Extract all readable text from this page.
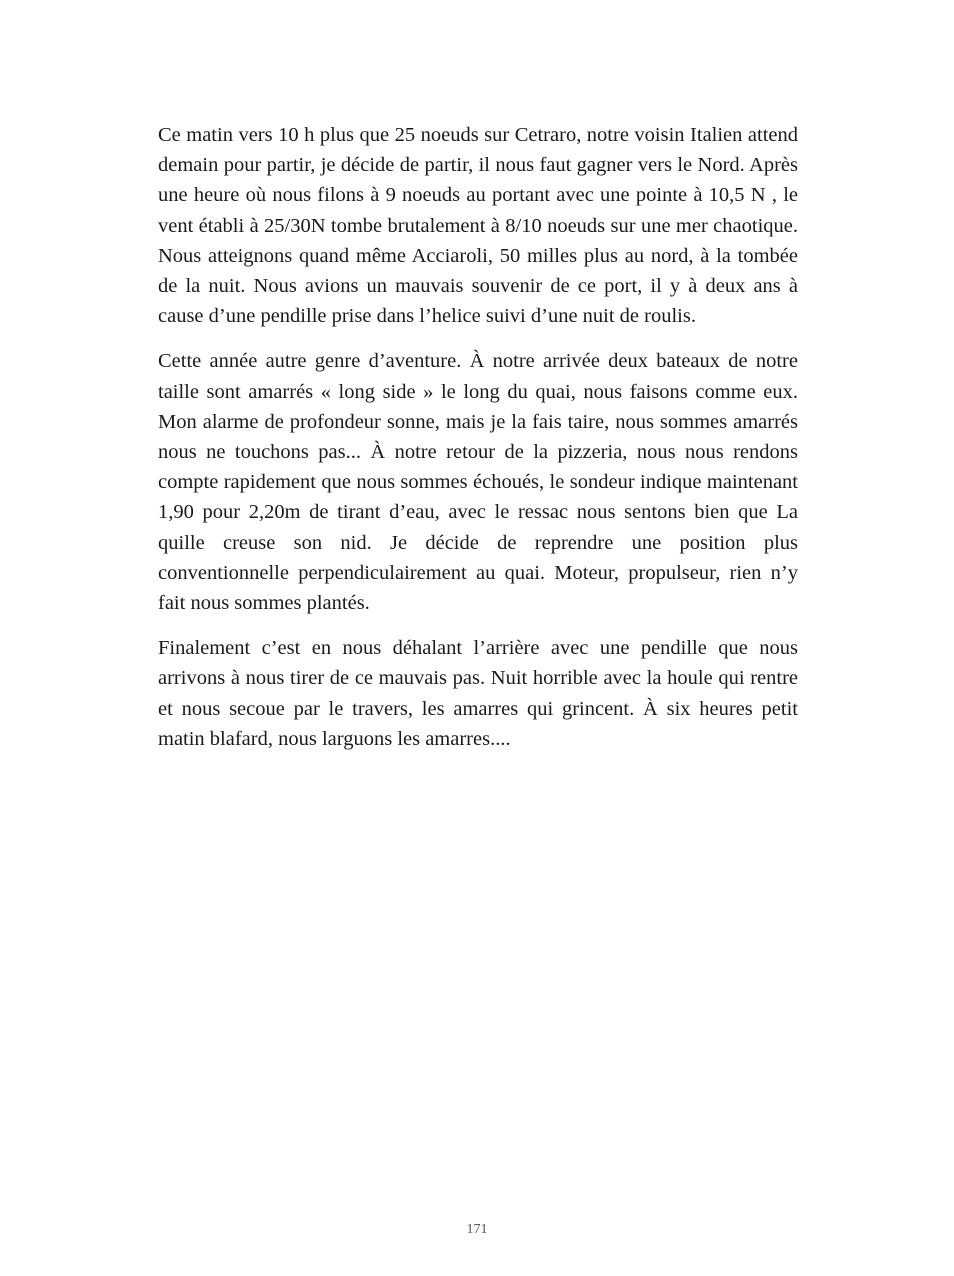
Ce matin vers 10 h plus que 25 noeuds sur Cetraro, notre voisin Italien attend demain pour partir, je décide de partir, il nous faut gagner vers le Nord. Après une heure où nous filons à 9 noeuds au portant avec une pointe à 10,5 N , le vent établi à 25/30N tombe brutalement à 8/10 noeuds sur une mer chaotique. Nous atteignons quand même Acciaroli, 50 milles plus au nord, à la tombée de la nuit. Nous avions un mauvais souvenir de ce port, il y à deux ans à cause d’une pendille prise dans l’helice suivi d’une nuit de roulis.

Cette année autre genre d’aventure. À notre arrivée deux bateaux de notre taille sont amarrés « long side » le long du quai, nous faisons comme eux. Mon alarme de profondeur sonne, mais je la fais taire, nous sommes amarrés nous ne touchons pas... À notre retour de la pizzeria, nous nous rendons compte rapidement que nous sommes échoués, le sondeur indique maintenant 1,90 pour 2,20m de tirant d’eau, avec le ressac nous sentons bien que La quille creuse son nid. Je décide de reprendre une position plus conventionnelle perpendiculairement au quai. Moteur, propulseur, rien n’y fait nous sommes plantés.

Finalement c’est en nous déhalant l’arrière avec une pendille que nous arrivons à nous tirer de ce mauvais pas. Nuit horrible avec la houle qui rentre et nous secoue par le travers, les amarres qui grincent. À six heures petit matin blafard, nous larguons les amarres....

171
